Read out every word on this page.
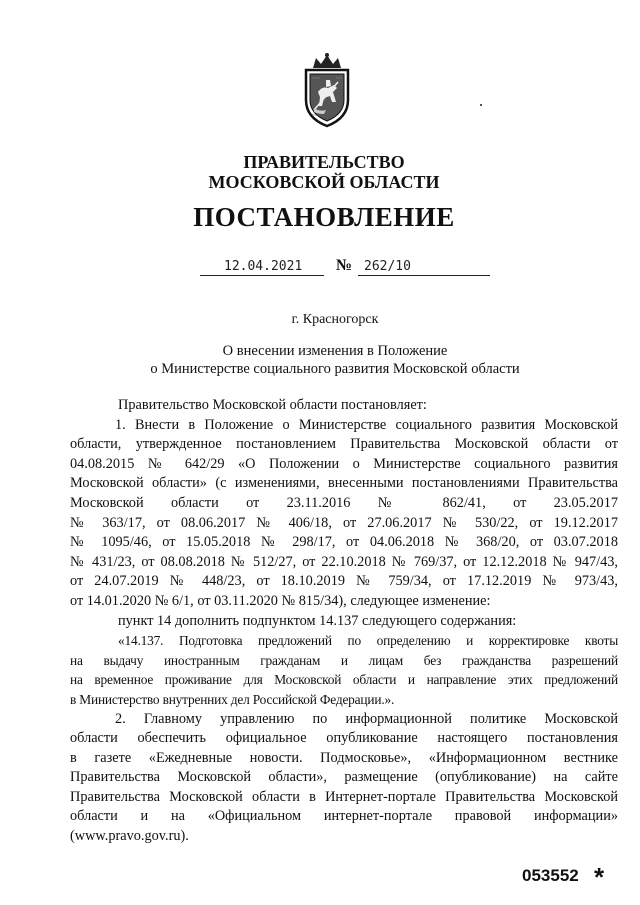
ПРАВИТЕЛЬСТВО
МОСКОВСКОЙ ОБЛАСТИ
ПОСТАНОВЛЕНИЕ
12.04.2021 № 262/10
г. Красногорск
О внесении изменения в Положение
о Министерстве социального развития Московской области

Правительство Московской области постановляет:

1. Внести в Положение о Министерстве социального развития Московской

области, утвержденное постановлением Правительства Московской области от

04.08.2015 № 642/29 «О Положении о Министерстве социального развития

Московской области» (с изменениями, внесенными постановлениями Правительства

Московской области от 23.11.2016 № 862/41, от 23.05.2017

№ 363/17, от 08.06.2017 № 406/18, от 27.06.2017 № 530/22, от 19.12.2017

№ 1095/46, от 15.05.2018 № 298/17, от 04.06.2018 № 368/20, от 03.07.2018

№ 431/23, от 08.08.2018 № 512/27, от 22.10.2018 № 769/37, от 12.12.2018 № 947/43,

от 24.07.2019 № 448/23, от 18.10.2019 № 759/34, от 17.12.2019 № 973/43,

от 14.01.2020 № 6/1, от 03.11.2020 № 815/34), следующее изменение:

пункт 14 дополнить подпунктом 14.137 следующего содержания:

«14.137. Подготовка предложений по определению и корректировке квоты

на выдачу иностранным гражданам и лицам без гражданства разрешений

на временное проживание для Московской области и направление этих предложений

в Министерство внутренних дел Российской Федерации.».

2. Главному управлению по информационной политике Московской

области обеспечить официальное опубликование настоящего постановления

в газете «Ежедневные новости. Подмосковье», «Информационном вестнике

Правительства Московской области», размещение (опубликование) на сайте

Правительства Московской области в Интернет-портале Правительства Московской

области и на «Официальном интернет-портале правовой информации»

(www.pravo.gov.ru).

053552 *
